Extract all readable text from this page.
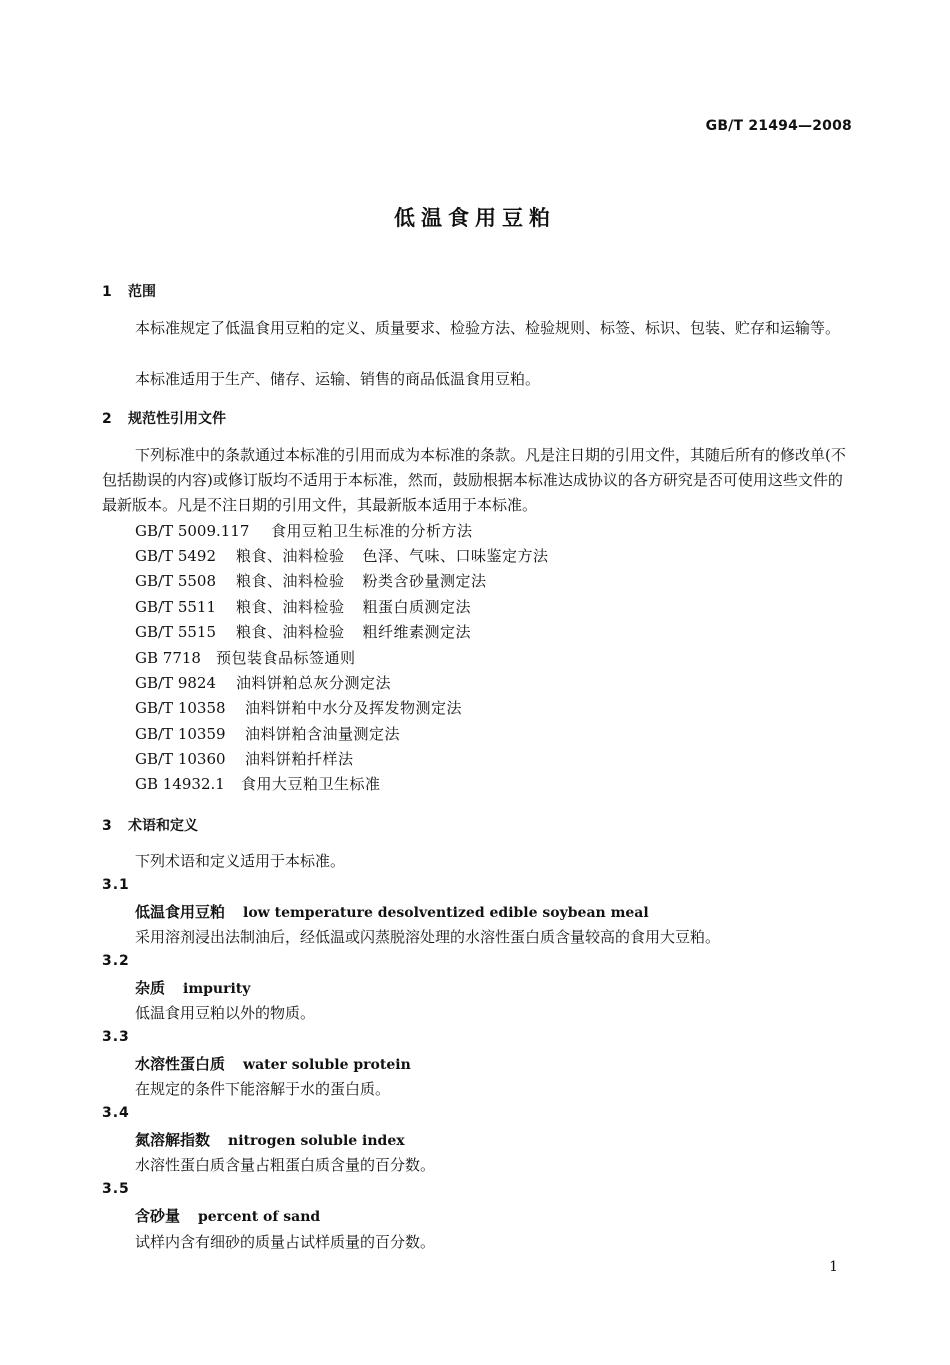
GB/T 21494—2008
低温食用豆粕
1 范围
本标准规定了低温食用豆粕的定义、质量要求、检验方法、检验规则、标签、标识、包装、贮存和运输等。
本标准适用于生产、储存、运输、销售的商品低温食用豆粕。
2 规范性引用文件
下列标准中的条款通过本标准的引用而成为本标准的条款。凡是注日期的引用文件，其随后所有的修改单(不包括勘误的内容)或修订版均不适用于本标准，然而，鼓励根据本标准达成协议的各方研究是否可使用这些文件的最新版本。凡是不注日期的引用文件，其最新版本适用于本标准。
GB/T 5009.117 食用豆粕卫生标准的分析方法
GB/T 5492 粮食、油料检验 色泽、气味、口味鉴定方法
GB/T 5508 粮食、油料检验 粉类含砂量测定法
GB/T 5511 粮食、油料检验 粗蛋白质测定法
GB/T 5515 粮食、油料检验 粗纤维素测定法
GB 7718 预包装食品标签通则
GB/T 9824 油料饼粕总灰分测定法
GB/T 10358 油料饼粕中水分及挥发物测定法
GB/T 10359 油料饼粕含油量测定法
GB/T 10360 油料饼粕扦样法
GB 14932.1 食用大豆粕卫生标准
3 术语和定义
下列术语和定义适用于本标准。
3.1
低温食用豆粕 low temperature desolventized edible soybean meal
采用溶剂浸出法制油后，经低温或闪蒸脱溶处理的水溶性蛋白质含量较高的食用大豆粕。
3.2
杂质 impurity
低温食用豆粕以外的物质。
3.3
水溶性蛋白质 water soluble protein
在规定的条件下能溶解于水的蛋白质。
3.4
氮溶解指数 nitrogen soluble index
水溶性蛋白质含量占粗蛋白质含量的百分数。
3.5
含砂量 percent of sand
试样内含有细砂的质量占试样质量的百分数。
1
